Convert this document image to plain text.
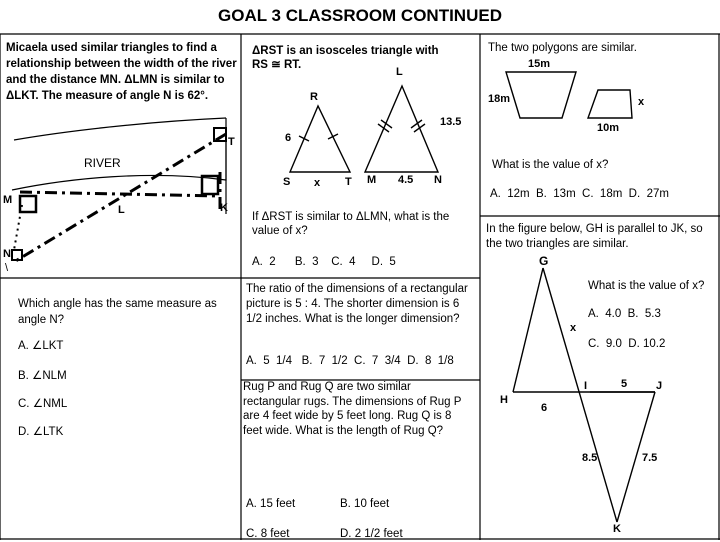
GOAL 3 CLASSROOM CONTINUED
Micaela used similar triangles to find a relationship between the width of the river and the distance MN. ΔLMN is similar to ΔLKT. The measure of angle N is 62°.
T
RIVER
M
L	K
N
\
Which angle has the same measure as angle N?
A. ∠LKT
B. ∠NLM
C. ∠NML
D. ∠LTK
ΔRST is an isosceles triangle with
RS ≅ RT.
L
R
13.5
6
S x T M 4.5 N
If ΔRST is similar to ΔLMN, what is the value of x?
A.  2      B.  3    C.  4     D.  5
The ratio of the dimensions of a rectangular picture is 5 : 4. The shorter dimension is 6 1/2 inches. What is the longer dimension?
A.  5  1/4   B.  7  1/2  C.  7  3/4  D.  8  1/8
Rug P and Rug Q are two similar rectangular rugs. The dimensions of Rug P are 4 feet wide by 5 feet long. Rug Q is 8 feet wide. What is the length of Rug Q?
A. 15 feet	B. 10 feet
C. 8 feet	D. 2 1/2 feet
The two polygons are similar.
15m
18m	x
10m
What is the value of x?
A.  12m  B.  13m  C.  18m  D.  27m
In the figure below, GH is parallel to JK, so the two triangles are similar.
What is the value of x?
A.  4.0  B.  5.3
C.  9.0  D. 10.2
G
x
I	5	J
H
6
8.5	7.5
K
